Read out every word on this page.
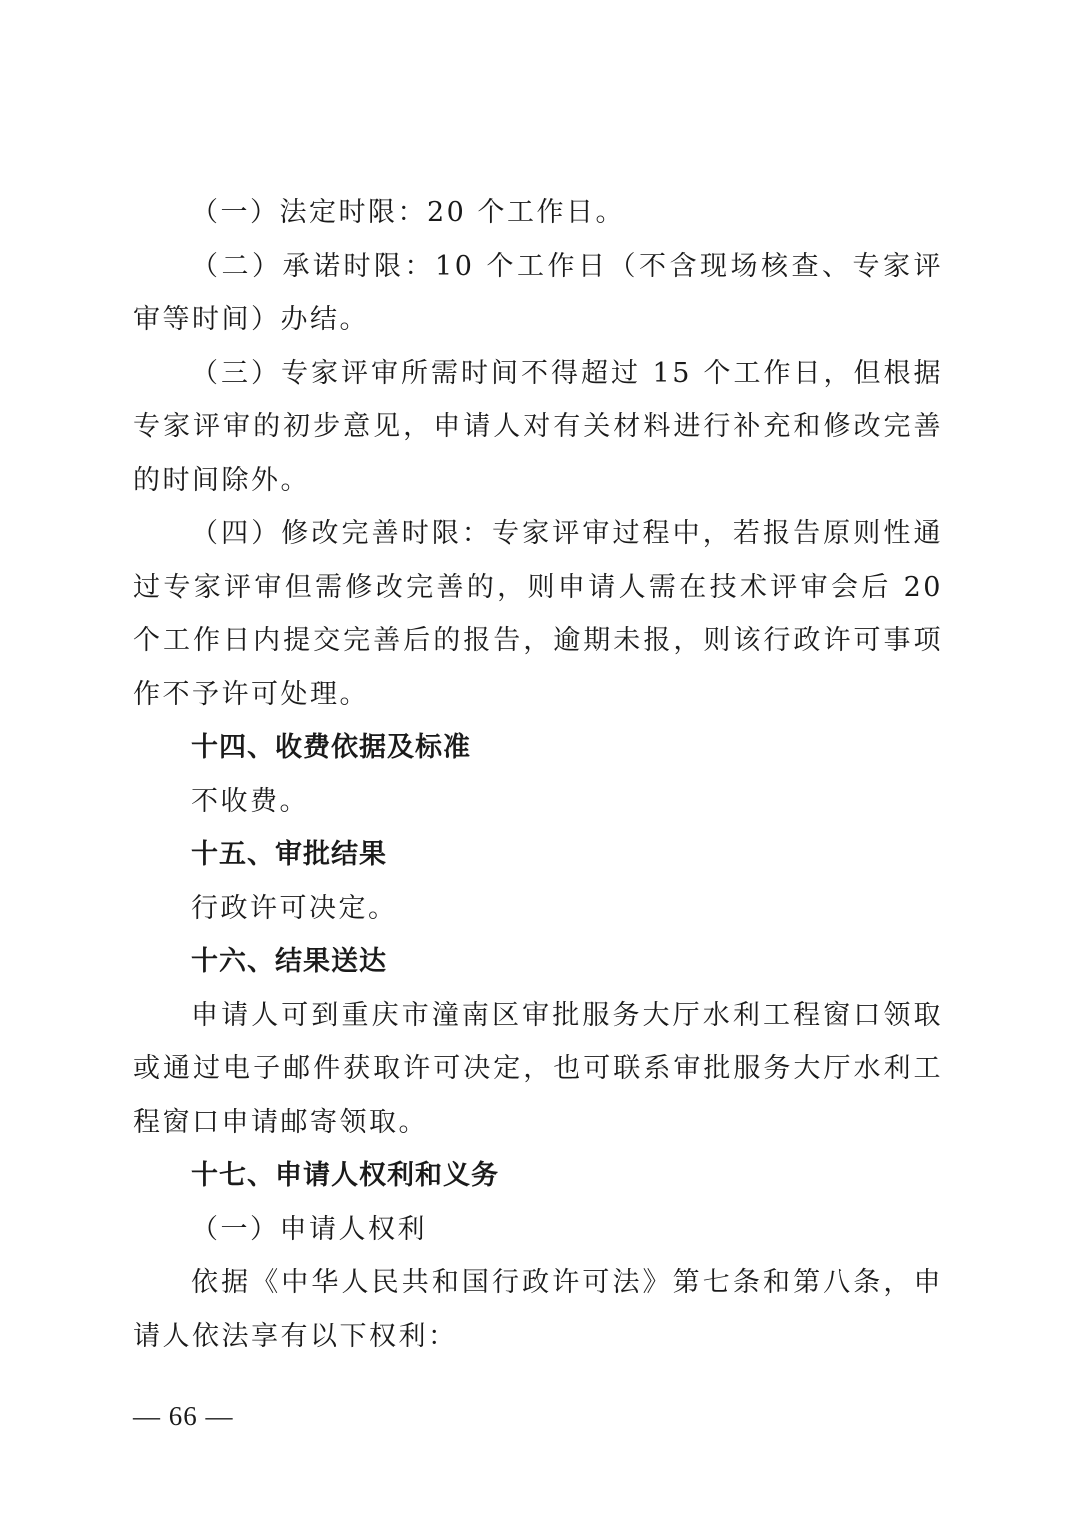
（一）法定时限：20 个工作日。

（二）承诺时限：10 个工作日（不含现场核查、专家评审等时间）办结。

（三）专家评审所需时间不得超过 15 个工作日，但根据专家评审的初步意见，申请人对有关材料进行补充和修改完善的时间除外。

（四）修改完善时限：专家评审过程中，若报告原则性通过专家评审但需修改完善的，则申请人需在技术评审会后 20 个工作日内提交完善后的报告，逾期未报，则该行政许可事项作不予许可处理。

十四、收费依据及标准

不收费。

十五、审批结果

行政许可决定。

十六、结果送达

申请人可到重庆市潼南区审批服务大厅水利工程窗口领取或通过电子邮件获取许可决定，也可联系审批服务大厅水利工程窗口申请邮寄领取。

十七、申请人权利和义务

（一）申请人权利

依据《中华人民共和国行政许可法》第七条和第八条，申请人依法享有以下权利：

— 66 —
